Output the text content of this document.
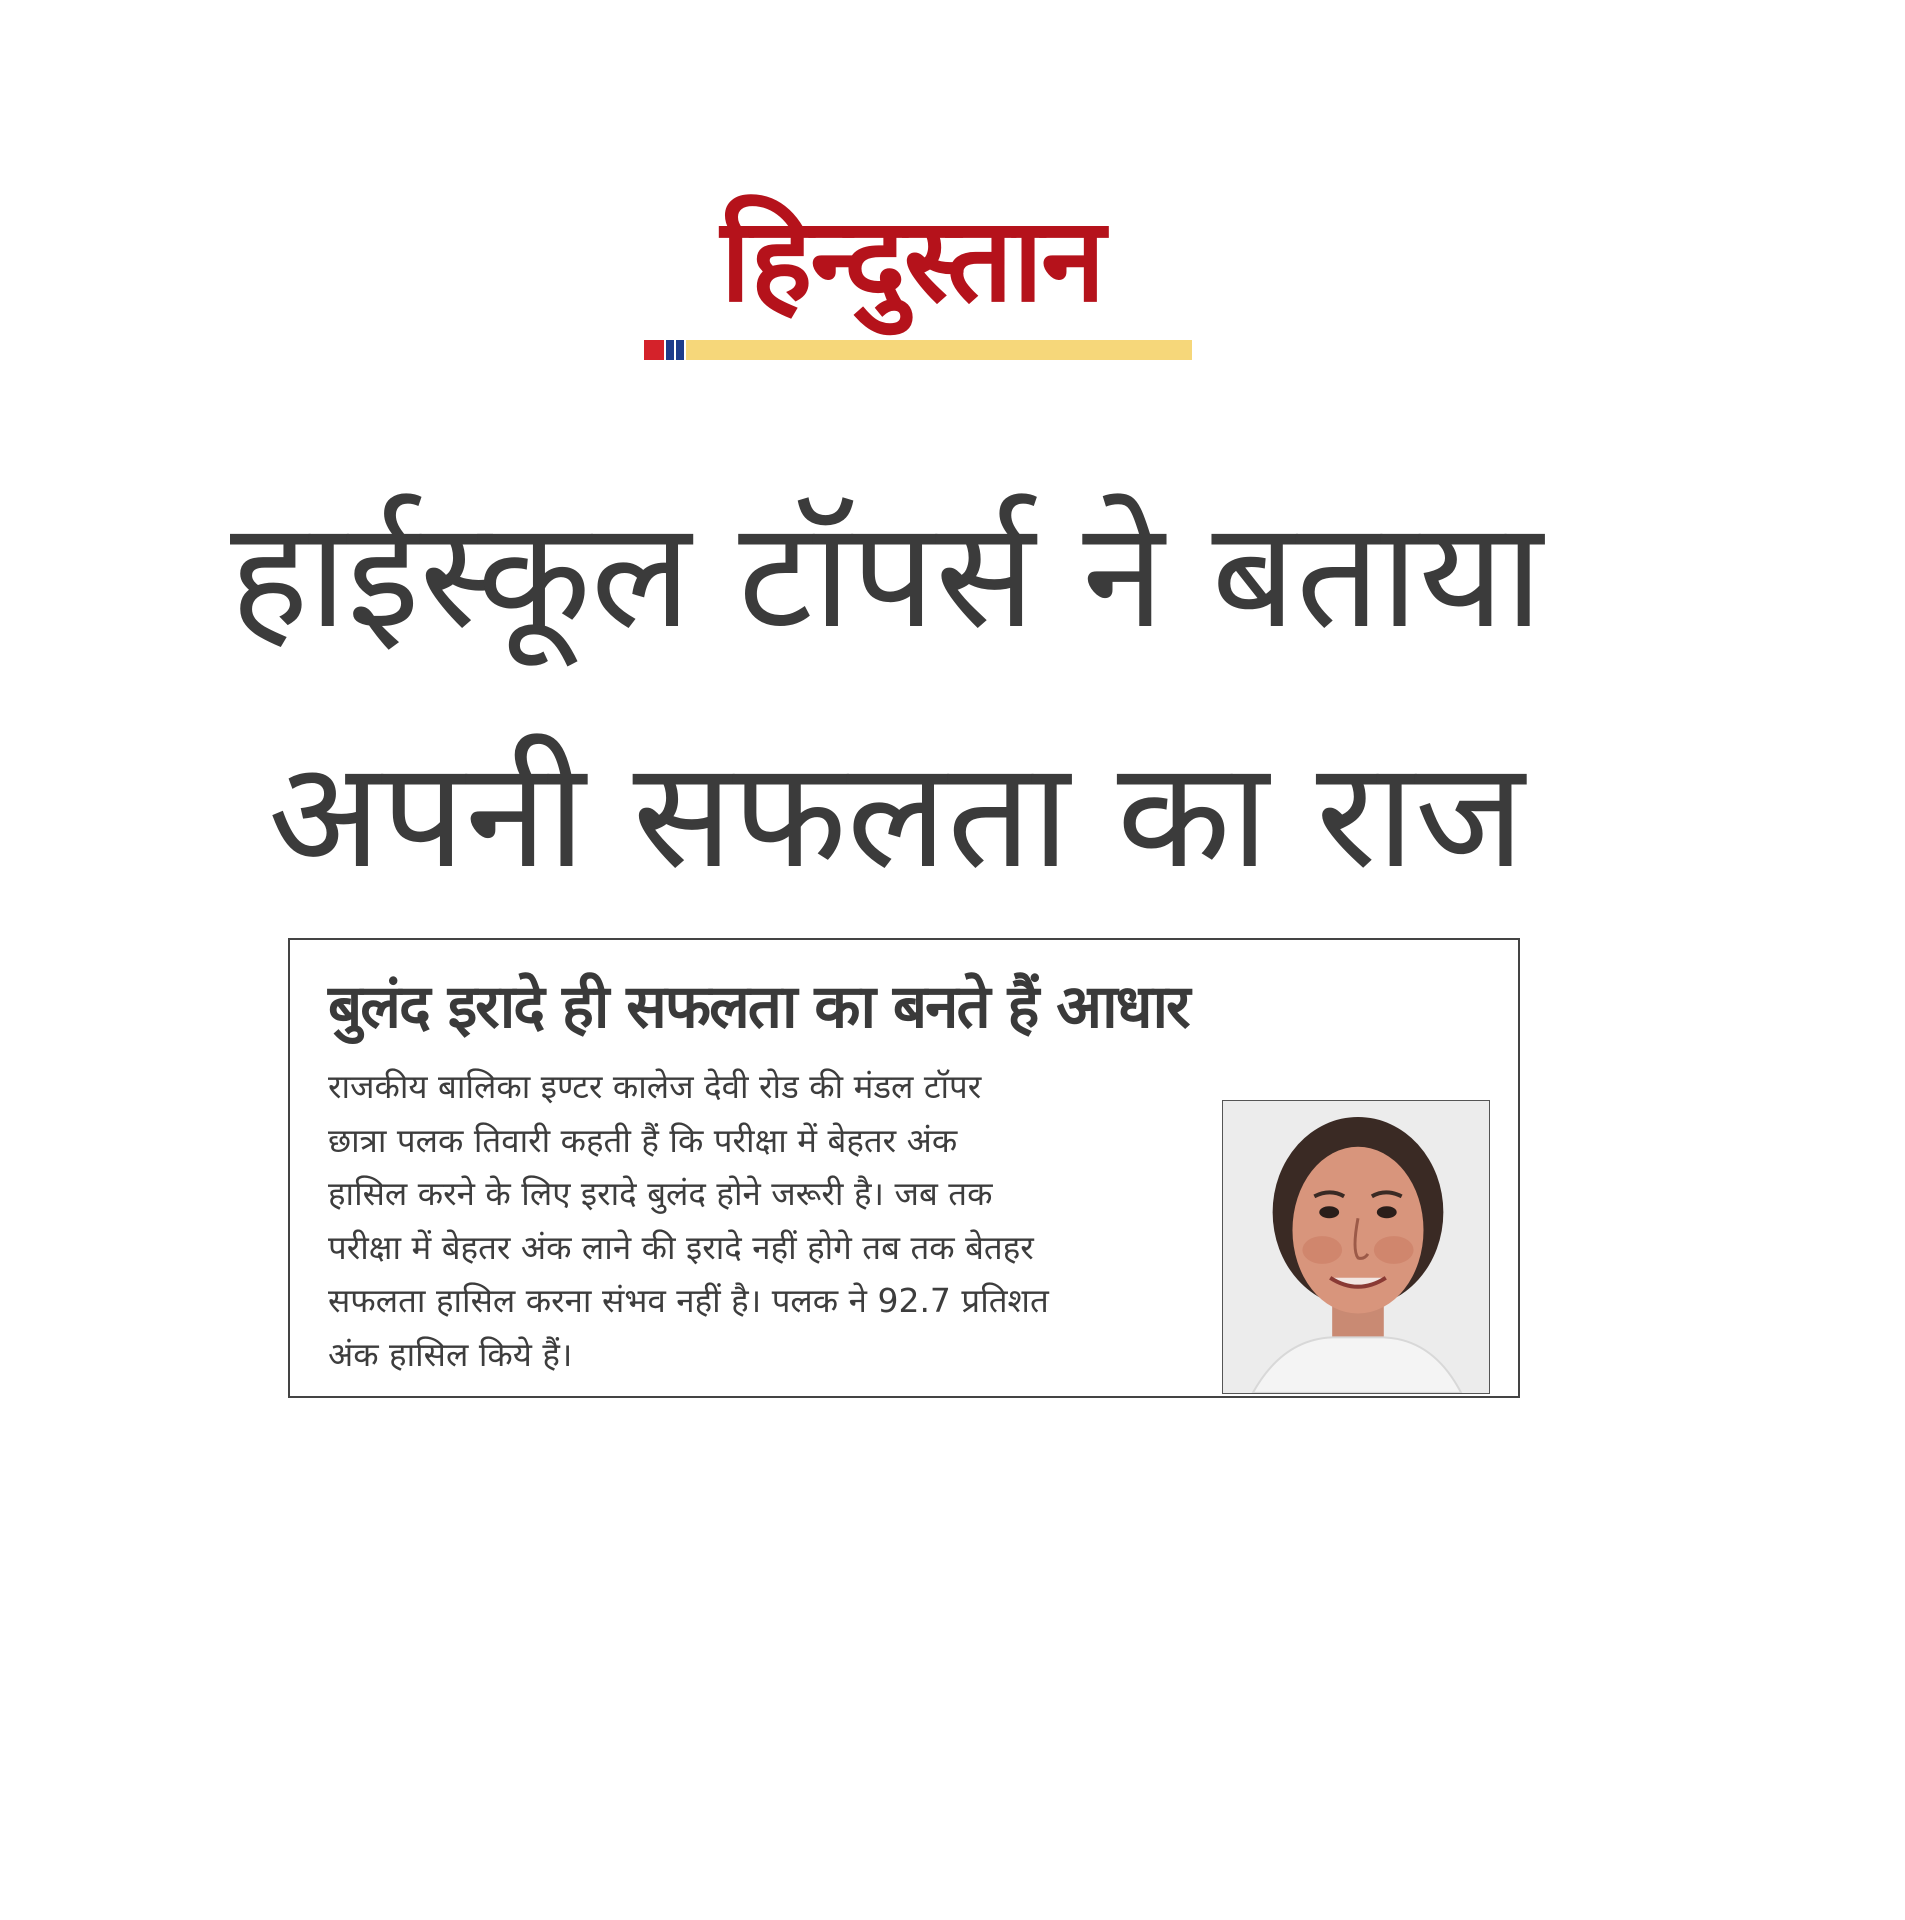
हिन्दुस्तान
हाईस्कूल टॉपर्स ने बताया
अपनी सफलता का राज
बुलंद इरादे ही सफलता का बनते हैं आधार
राजकीय बालिका इण्टर कालेज देवी रोड की मंडल टॉपर
छात्रा पलक तिवारी कहती हैं कि परीक्षा में बेहतर अंक
हासिल करने के लिए इरादे बुलंद होने जरूरी है। जब तक
परीक्षा में बेहतर अंक लाने की इरादे नहीं होगे तब तक बेतहर
सफलता हासिल करना संभव नहीं है। पलक ने 92.7 प्रतिशत
अंक हासिल किये हैं।
